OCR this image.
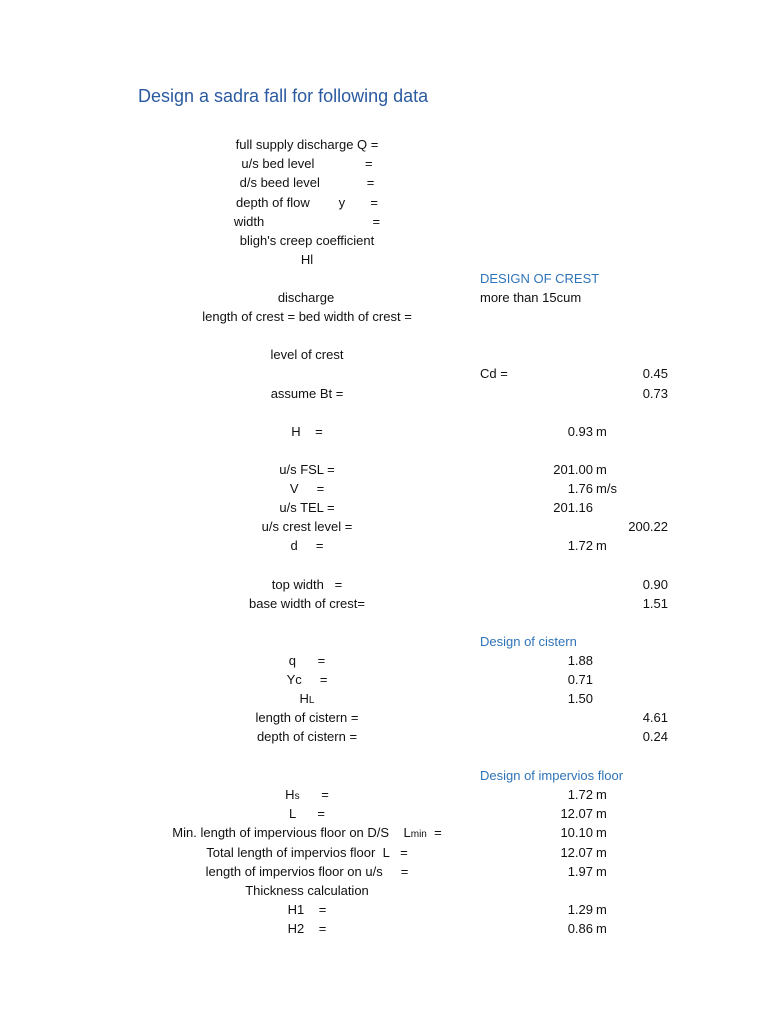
Design a sadra fall for following data
full supply discharge Q =
u/s bed level              =
d/s beed level             =
depth of flow        y       =
width                              =
bligh's creep coefficient
Hl
DESIGN OF CREST
discharge	more than 15cum
length of crest = bed width of crest =
level of crest
Cd =	0.45
assume Bt =	0.73
H    =	0.93 m
u/s FSL =	201.00 m
V     =	1.76 m/s
u/s TEL =	201.16
u/s crest level =	200.22
d     =	1.72 m
top width   =	0.90
base width of crest=	1.51
Design of cistern
q      =	1.88
Yc     =	0.71
HL	1.50
length of cistern =	4.61
depth of cistern =	0.24
Design of impervios floor
Hs      =	1.72 m
L      =	12.07 m
Min. length of impervious floor on D/S    Lmin  =	10.10 m
Total length of impervios floor  L   =	12.07 m
length of impervios floor on u/s     =	1.97 m
Thickness calculation
H1    =	1.29 m
H2    =	0.86 m
